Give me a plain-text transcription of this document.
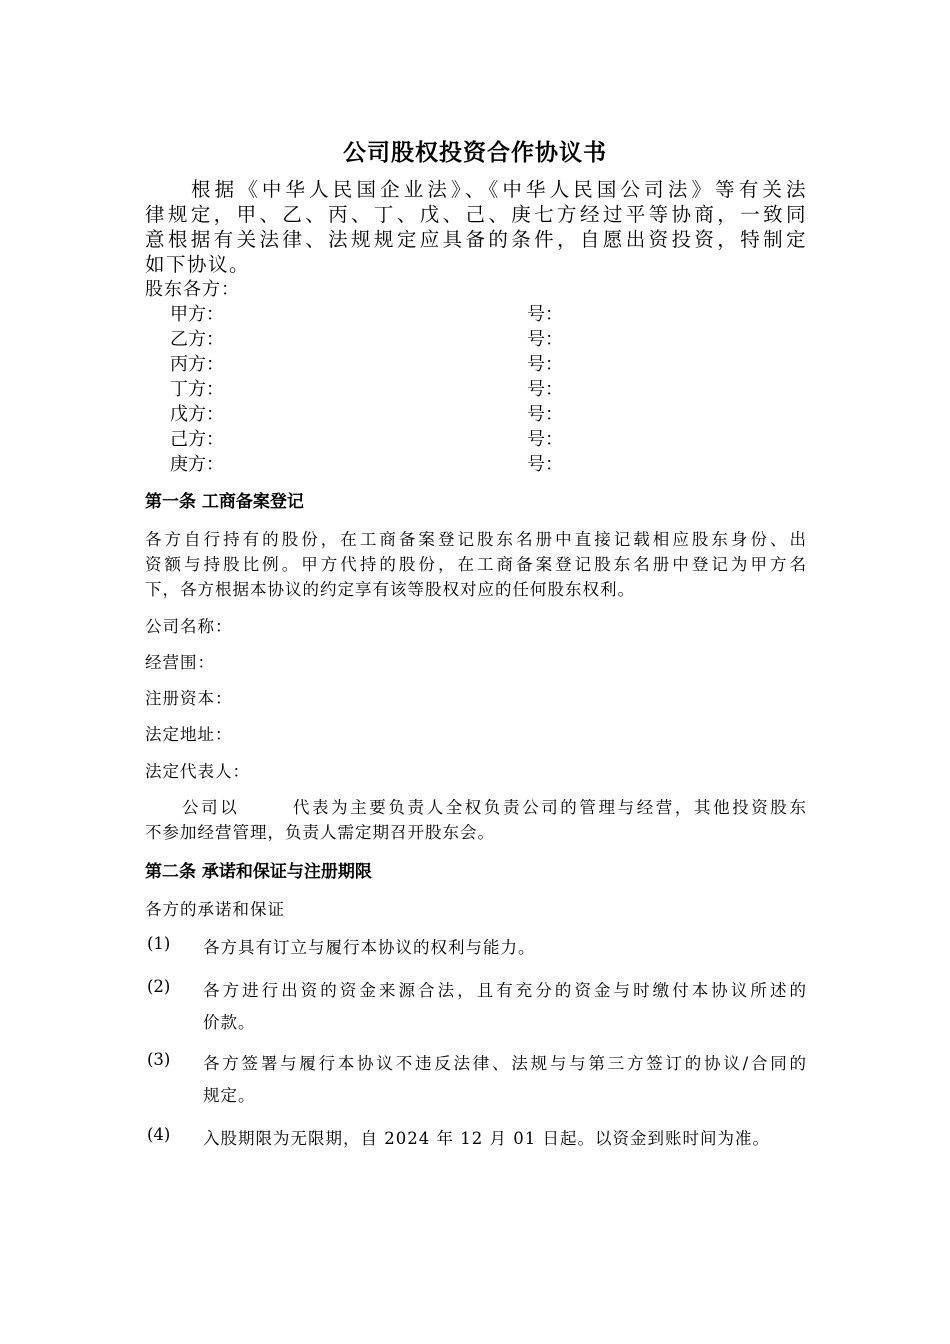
公司股权投资合作协议书
根据《中华人民国企业法》、《中华人民国公司法》等有关法
律规定，甲、乙、丙、丁、戊、己、庚七方经过平等协商，一致同
意根据有关法律、法规规定应具备的条件，自愿出资投资，特制定
如下协议。
股东各方：
甲方：	号：
乙方：	号：
丙方：	号：
丁方：	号：
戊方：	号：
己方：	号：
庚方：	号：
第一条 工商备案登记
各方自行持有的股份，在工商备案登记股东名册中直接记载相应股东身份、出
资额与持股比例。甲方代持的股份，在工商备案登记股东名册中登记为甲方名
下，各方根据本协议的约定享有该等股权对应的任何股东权利。
公司名称：
经营围：
注册资本：
法定地址：
法定代表人：
公司以	代表为主要负责人全权负责公司的管理与经营，其他投资股东
不参加经营管理，负责人需定期召开股东会。
第二条 承诺和保证与注册期限
各方的承诺和保证
(1) 各方具有订立与履行本协议的权利与能力。
(2) 各方进行出资的资金来源合法，且有充分的资金与时缴付本协议所述的
价款。
(3) 各方签署与履行本协议不违反法律、法规与与第三方签订的协议/合同的
规定。
(4) 入股期限为无限期，自 2024 年 12 月 01 日起。以资金到账时间为准。
